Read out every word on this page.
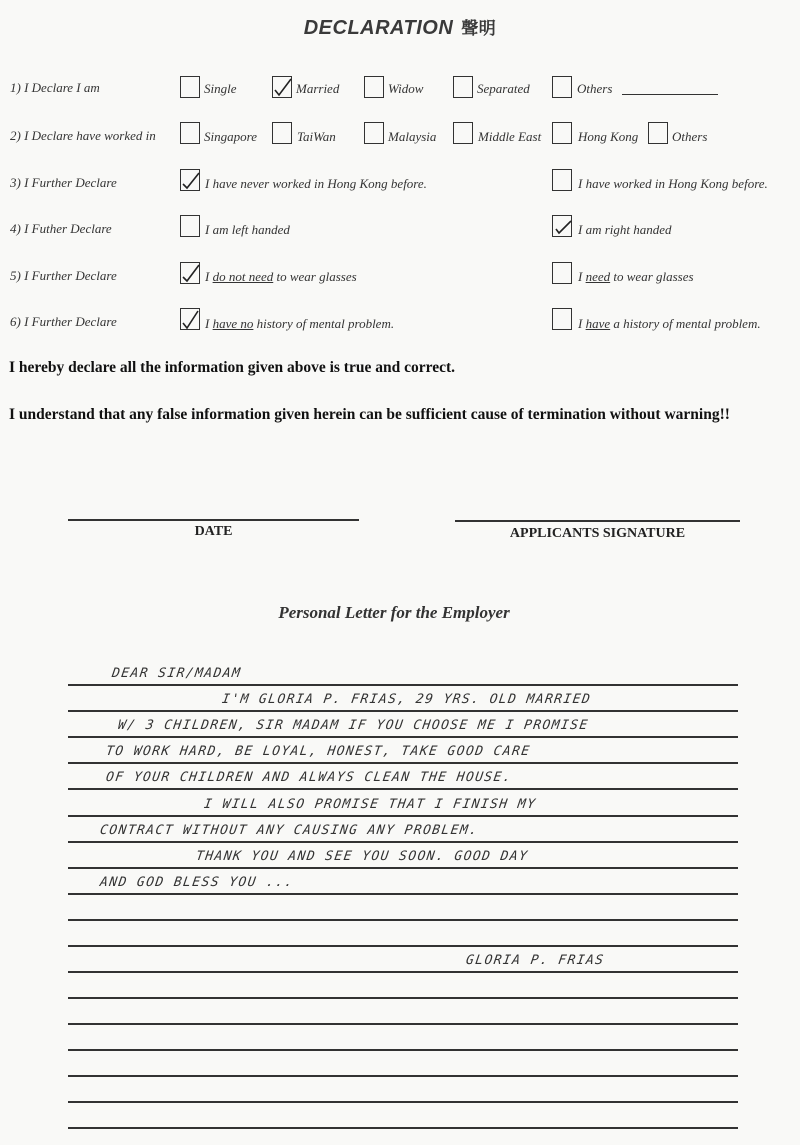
DECLARATION 聲明
1) I Declare I am	Single	Married	Widow	Separated	Others
2) I Declare have worked in	Singapore	TaiWan	Malaysia	Middle East	Hong Kong	Others
3) I Further Declare	I have never worked in Hong Kong before.	I have worked in Hong Kong before.
4) I Futher Declare	I am left handed	I am right handed
5) I Further Declare	I do not need to wear glasses	I need to wear glasses
6) I Further Declare	I have no history of mental problem.	I have a history of mental problem.
I hereby declare all the information given above is true and correct.
I understand that any false information given herein can be sufficient cause of termination without warning!!
DATE	APPLICANTS SIGNATURE
Personal Letter for the Employer
DEAR SIR/MADAM
I'M GLORIA P. FRIAS, 29 YRS. OLD MARRIED
W/ 3 CHILDREN, SIR MADAM IF YOU CHOOSE ME I PROMISE
TO WORK HARD, BE LOYAL, HONEST, TAKE GOOD CARE
OF YOUR CHILDREN AND ALWAYS CLEAN THE HOUSE.
I WILL ALSO PROMISE THAT I FINISH MY
CONTRACT WITHOUT ANY CAUSING ANY PROBLEM.
THANK YOU AND SEE YOU SOON. GOOD DAY
AND GOD BLESS YOU ...
GLORIA P. FRIAS
